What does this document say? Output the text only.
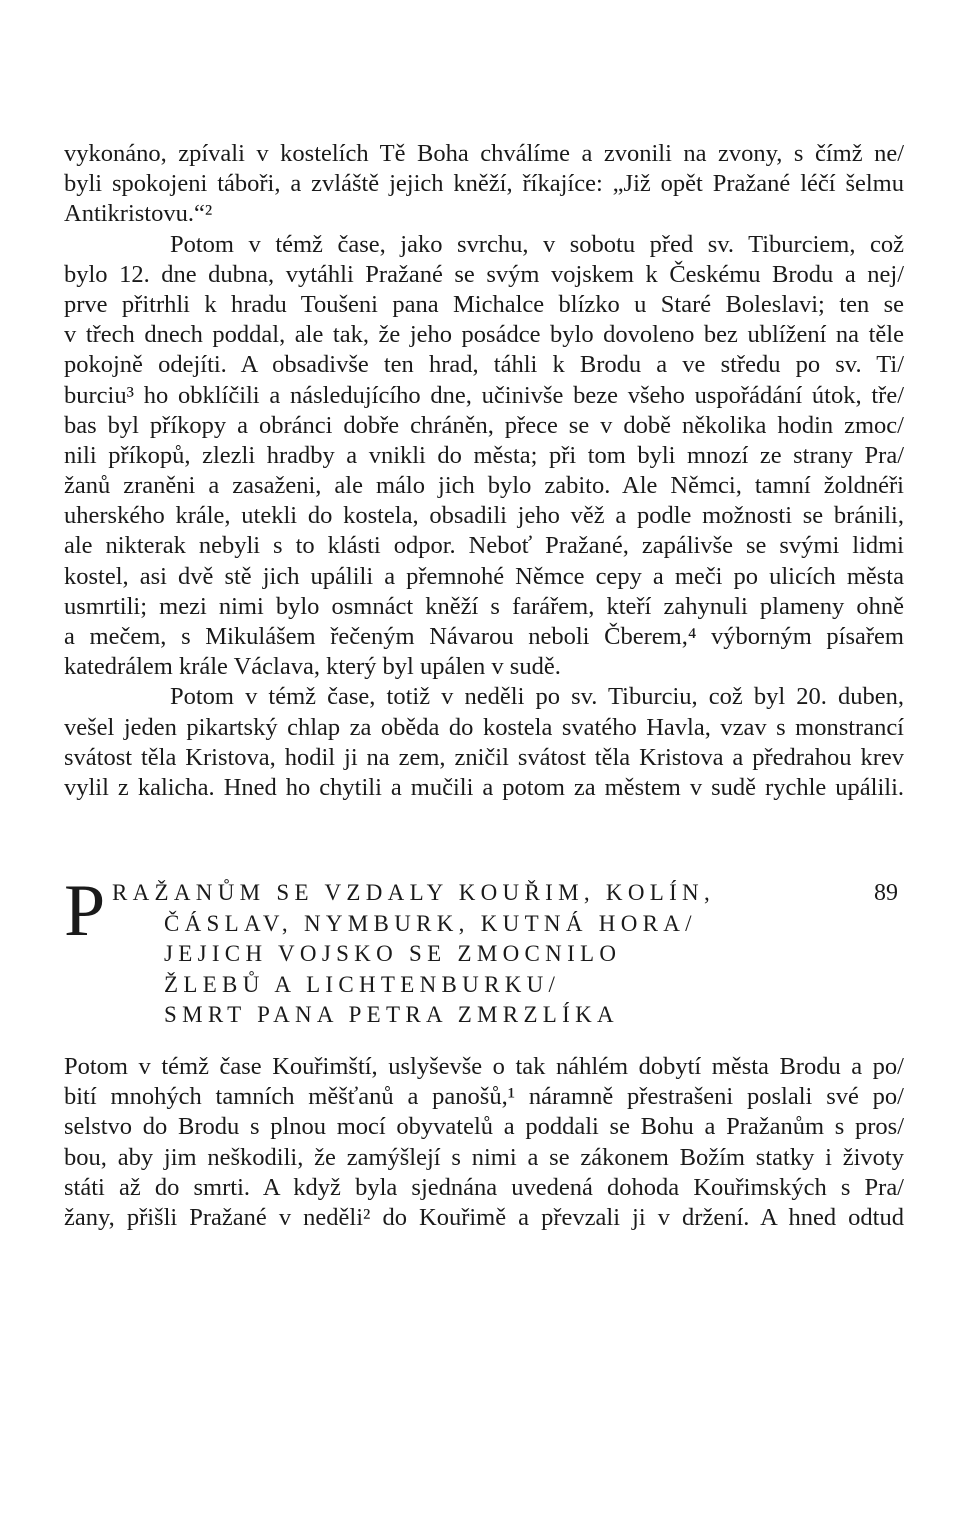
vykonáno, zpívali v kostelích Tě Boha chválíme a zvonili na zvony, s čímž ne/
byli spokojeni táboři, a zvláště jejich kněží, říkajíce: „Již opět Pražané léčí šelmu
Antikristovu.“²
Potom v témž čase, jako svrchu, v sobotu před sv. Tiburciem, což
bylo 12. dne dubna, vytáhli Pražané se svým vojskem k Českému Brodu a nej/
prve přitrhli k hradu Toušeni pana Michalce blízko u Staré Boleslavi; ten se
v třech dnech poddal, ale tak, že jeho posádce bylo dovoleno bez ublížení na těle
pokojně odejíti. A obsadivše ten hrad, táhli k Brodu a ve středu po sv. Ti/
burciu³ ho obklíčili a následujícího dne, učinivše beze všeho uspořádání útok, tře/
bas byl příkopy a obránci dobře chráněn, přece se v době několika hodin zmoc/
nili příkopů, zlezli hradby a vnikli do města; při tom byli mnozí ze strany Pra/
žanů zraněni a zasaženi, ale málo jich bylo zabito. Ale Němci, tamní žoldnéři
uherského krále, utekli do kostela, obsadili jeho věž a podle možnosti se bránili,
ale nikterak nebyli s to klásti odpor. Neboť Pražané, zapálivše se svými lidmi
kostel, asi dvě stě jich upálili a přemnohé Němce cepy a meči po ulicích města
usmrtili; mezi nimi bylo osmnáct kněží s farářem, kteří zahynuli plameny ohně
a mečem, s Mikulášem řečeným Návarou neboli Čberem,⁴ výborným písařem
katedrálem krále Václava, který byl upálen v sudě.
Potom v témž čase, totiž v neděli po sv. Tiburciu, což byl 20. duben,
vešel jeden pikartský chlap za oběda do kostela svatého Havla, vzav s monstrancí
svátost těla Kristova, hodil ji na zem, zničil svátost těla Kristova a předrahou krev
vylil z kalicha. Hned ho chytili a mučili a potom za městem v sudě rychle upálili.
P RAŽANŮM SE VZDALY KOUŘIM, KOLÍN,
ČÁSLAV, NYMBURK, KUTNÁ HORA/
JEJICH VOJSKO SE ZMOCNILO
ŽLEBŮ A LICHTENBURKU/
SMRT PANA PETRA ZMRZLÍKA
89
Potom v témž čase Kouřimští, uslyševše o tak náhlém dobytí města Brodu a po/
bití mnohých tamních měšťanů a panošů,¹ náramně přestrašeni poslali své po/
selstvo do Brodu s plnou mocí obyvatelů a poddali se Bohu a Pražanům s pros/
bou, aby jim neškodili, že zamýšlejí s nimi a se zákonem Božím statky i životy
státi až do smrti. A když byla sjednána uvedená dohoda Kouřimských s Pra/
žany, přišli Pražané v neděli² do Kouřimě a převzali ji v držení. A hned odtud
